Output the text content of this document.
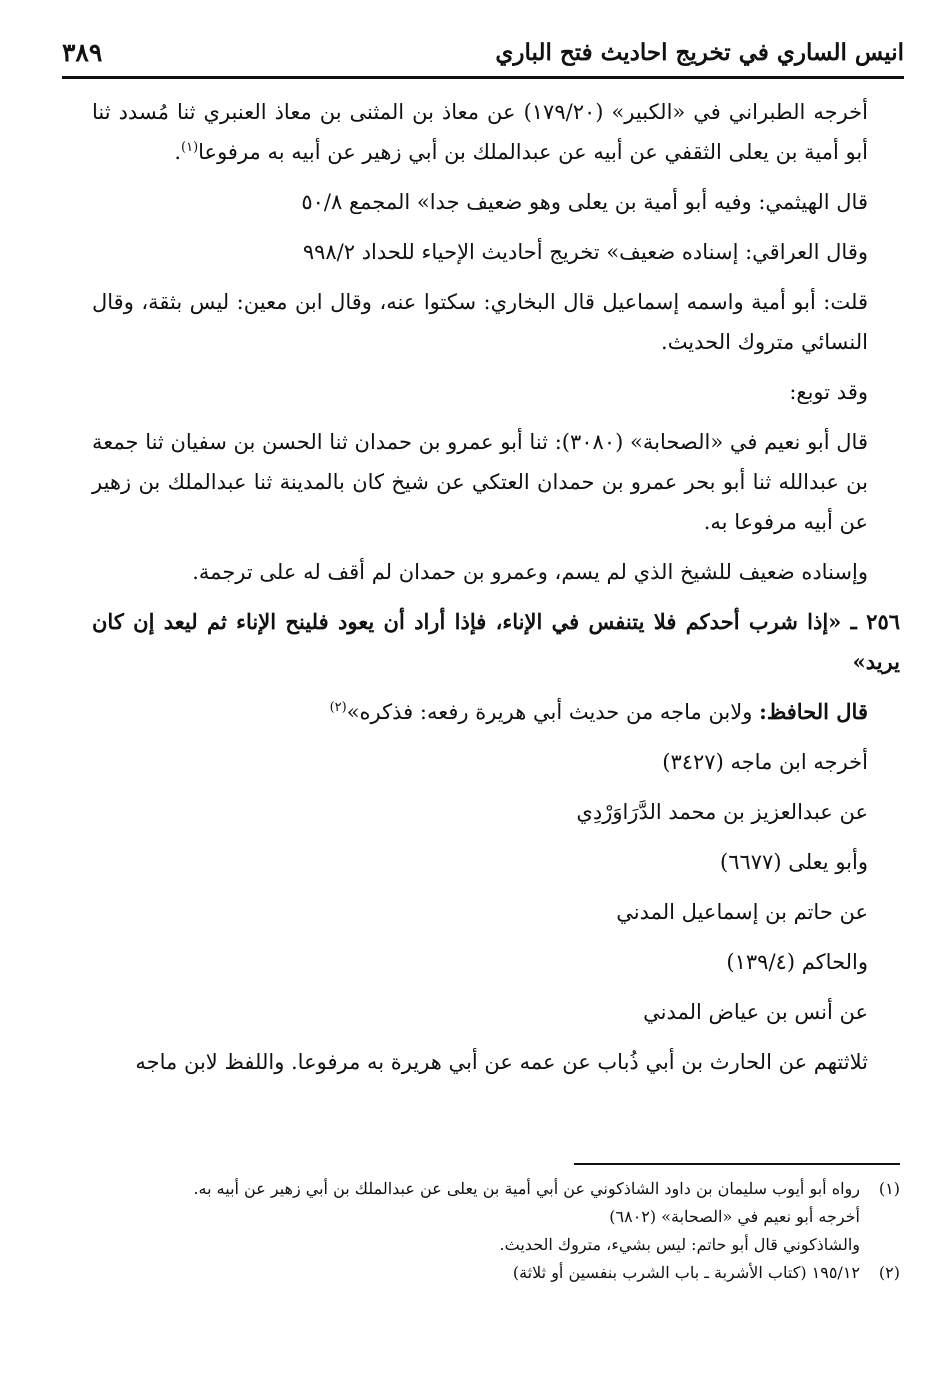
انيس الساري في تخريج احاديث فتح الباري
٣٨٩

أخرجه الطبراني في «الكبير» (١٧٩/٢٠) عن معاذ بن المثنى بن معاذ العنبري ثنا مُسدد ثنا أبو أمية بن يعلى الثقفي عن أبيه عن عبدالملك بن أبي زهير عن أبيه به مرفوعا$^{(١)}$.

قال الهيثمي: وفيه أبو أمية بن يعلى وهو ضعيف جدا» المجمع ٥٠/٨

وقال العراقي: إسناده ضعيف» تخريج أحاديث الإحياء للحداد ٩٩٨/٢

قلت: أبو أمية واسمه إسماعيل قال البخاري: سكتوا عنه، وقال ابن معين: ليس بثقة، وقال النسائي متروك الحديث.

وقد توبع:

قال أبو نعيم في «الصحابة» (٣٠٨٠): ثنا أبو عمرو بن حمدان ثنا الحسن بن سفيان ثنا جمعة بن عبدالله ثنا أبو بحر عمرو بن حمدان العتكي عن شيخ كان بالمدينة ثنا عبدالملك بن زهير عن أبيه مرفوعا به.

وإسناده ضعيف للشيخ الذي لم يسم، وعمرو بن حمدان لم أقف له على ترجمة.

٢٥٦ ـ «إذا شرب أحدكم فلا يتنفس في الإناء، فإذا أراد أن يعود فلينح الإناء ثم ليعد إن كان يريد»

قال الحافظ: ولابن ماجه من حديث أبي هريرة رفعه: فذكره»$^{(٢)}$

أخرجه ابن ماجه (٣٤٢٧)

عن عبدالعزيز بن محمد الدَّرَاوَرْدِي

وأبو يعلى (٦٦٧٧)

عن حاتم بن إسماعيل المدني

والحاكم (١٣٩/٤)

عن أنس بن عياض المدني

ثلاثتهم عن الحارث بن أبي ذُباب عن عمه عن أبي هريرة به مرفوعا. واللفظ لابن ماجه

(١)
رواه أبو أيوب سليمان بن داود الشاذكوني عن أبي أمية بن يعلى عن عبدالملك بن أبي زهير عن أبيه به.

أخرجه أبو نعيم في «الصحابة» (٦٨٠٢)

والشاذكوني قال أبو حاتم: ليس بشيء، متروك الحديث.

(٢)
١٩٥/١٢ (كتاب الأشربة ـ باب الشرب بنفسين أو ثلاثة)
